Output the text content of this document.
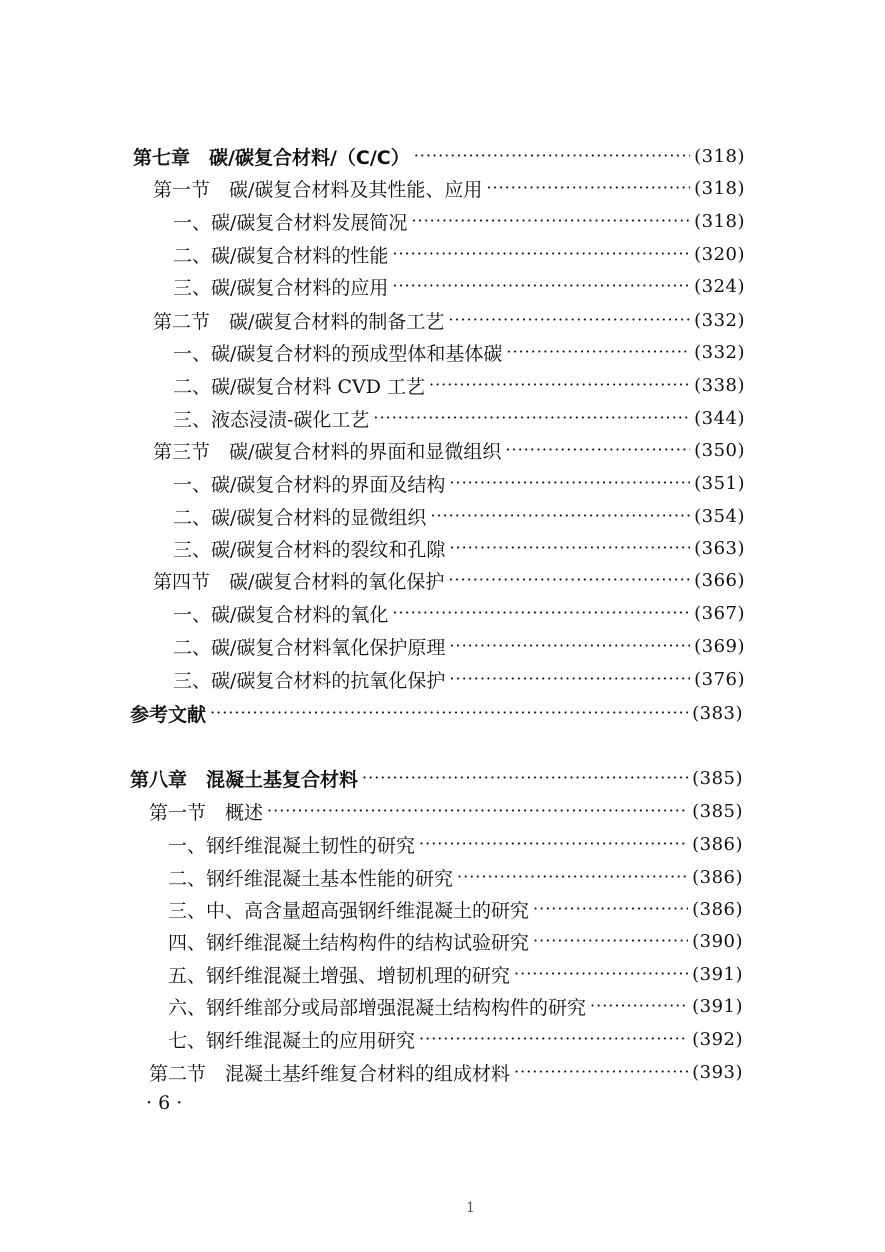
第七章　碳/碳复合材料/（C/C） ·····	(318)
第一节　碳/碳复合材料及其性能、应用 ·····	(318)
一、碳/碳复合材料发展简况 ·····	(318)
二、碳/碳复合材料的性能 ·····	(320)
三、碳/碳复合材料的应用 ·····	(324)
第二节　碳/碳复合材料的制备工艺 ·····	(332)
一、碳/碳复合材料的预成型体和基体碳 ·····	(332)
二、碳/碳复合材料 CVD 工艺 ·····	(338)
三、液态浸渍-碳化工艺 ·····	(344)
第三节　碳/碳复合材料的界面和显微组织 ·····	(350)
一、碳/碳复合材料的界面及结构 ·····	(351)
二、碳/碳复合材料的显微组织 ·····	(354)
三、碳/碳复合材料的裂纹和孔隙 ·····	(363)
第四节　碳/碳复合材料的氧化保护 ·····	(366)
一、碳/碳复合材料的氧化 ·····	(367)
二、碳/碳复合材料氧化保护原理 ·····	(369)
三、碳/碳复合材料的抗氧化保护 ·····	(376)
参考文献 ·····	(383)
第八章　混凝土基复合材料 ·····	(385)
第一节　概述 ·····	(385)
一、钢纤维混凝土韧性的研究 ·····	(386)
二、钢纤维混凝土基本性能的研究 ·····	(386)
三、中、高含量超高强钢纤维混凝土的研究 ·····	(386)
四、钢纤维混凝土结构构件的结构试验研究 ·····	(390)
五、钢纤维混凝土增强、增韧机理的研究 ·····	(391)
六、钢纤维部分或局部增强混凝土结构构件的研究 ·····	(391)
七、钢纤维混凝土的应用研究 ·····	(392)
第二节　混凝土基纤维复合材料的组成材料 ·····	(393)
· 6 ·
1
